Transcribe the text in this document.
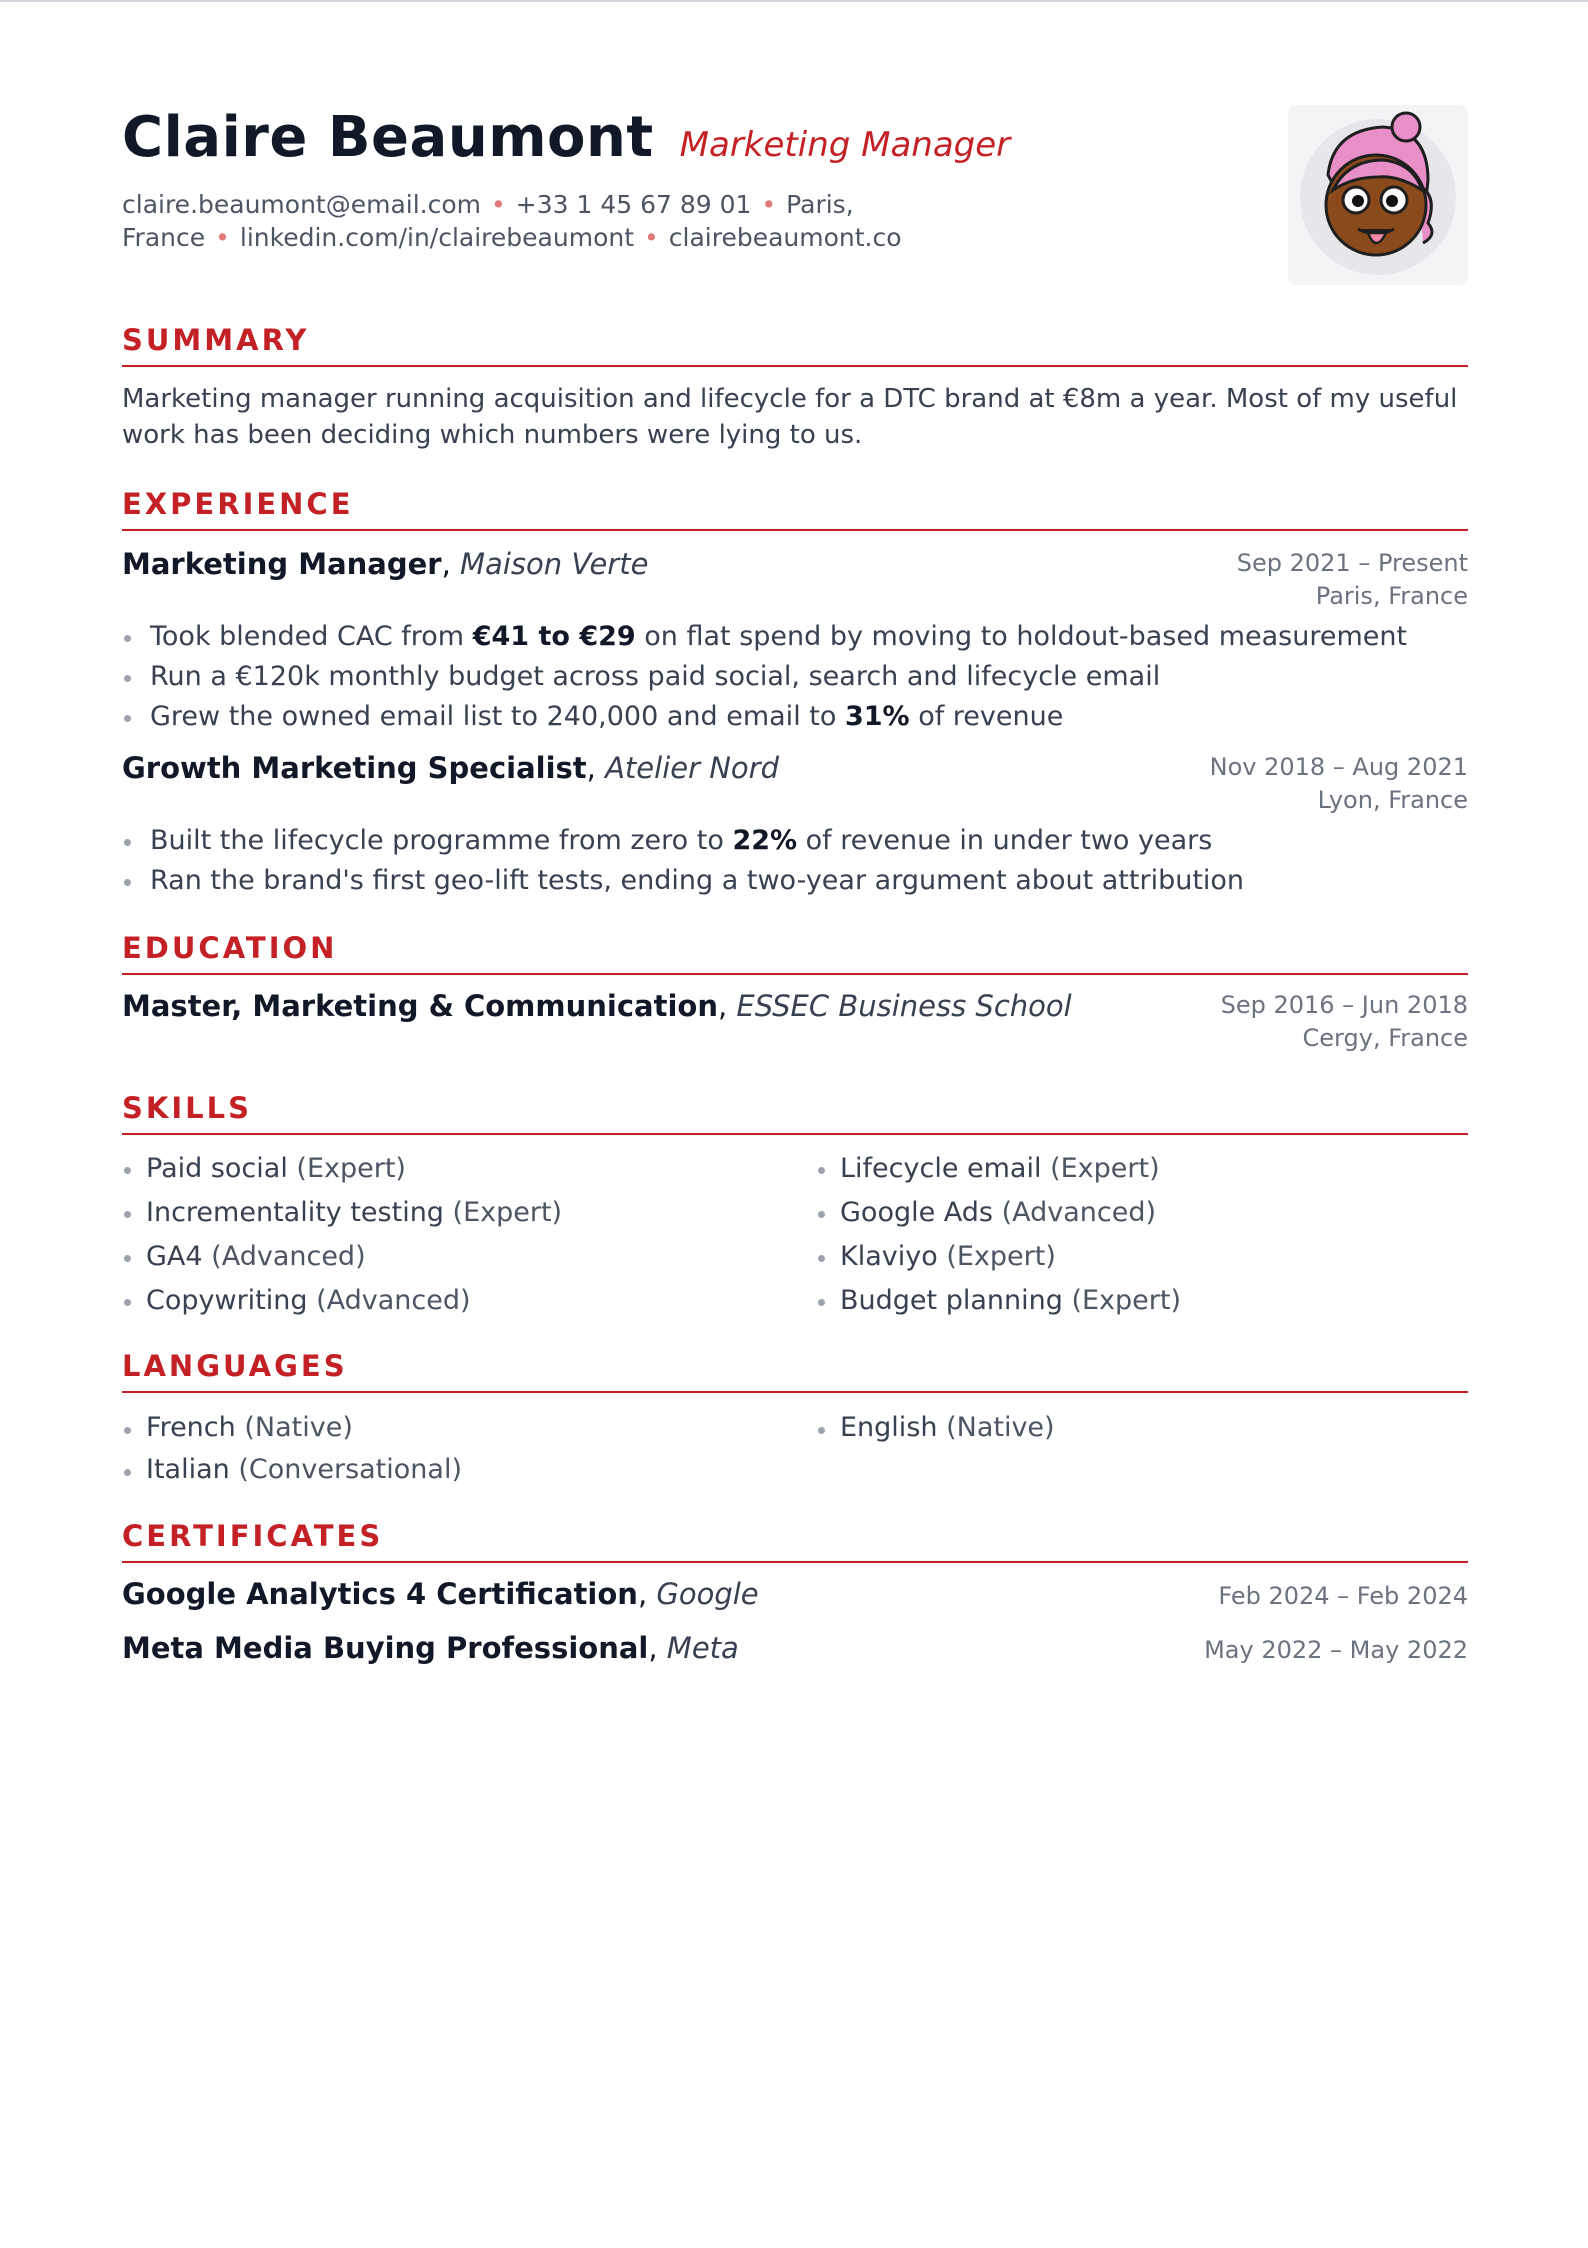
Claire Beaumont Marketing Manager
claire.beaumont@email.com • +33 1 45 67 89 01 • Paris,
France • linkedin.com/in/clairebeaumont • clairebeaumont.co
SUMMARY

Marketing manager running acquisition and lifecycle for a DTC brand at €8m a year. Most of my useful work has been deciding which numbers were lying to us.

EXPERIENCE
Marketing Manager, Maison Verte	Sep 2021 – Present
Paris, France
Took blended CAC from €41 to €29 on flat spend by moving to holdout-based measurement
Run a €120k monthly budget across paid social, search and lifecycle email
Grew the owned email list to 240,000 and email to 31% of revenue
Growth Marketing Specialist, Atelier Nord	Nov 2018 – Aug 2021
Lyon, France
Built the lifecycle programme from zero to 22% of revenue in under two years
Ran the brand's first geo-lift tests, ending a two-year argument about attribution
EDUCATION
Master, Marketing & Communication, ESSEC Business School	Sep 2016 – Jun 2018
Cergy, France
SKILLS
Paid social (Expert)	Lifecycle email (Expert)
Incrementality testing (Expert)	Google Ads (Advanced)
GA4 (Advanced)	Klaviyo (Expert)
Copywriting (Advanced)	Budget planning (Expert)
LANGUAGES
French (Native)	English (Native)
Italian (Conversational)
CERTIFICATES
Google Analytics 4 Certification, Google	Feb 2024 – Feb 2024
Meta Media Buying Professional, Meta	May 2022 – May 2022
